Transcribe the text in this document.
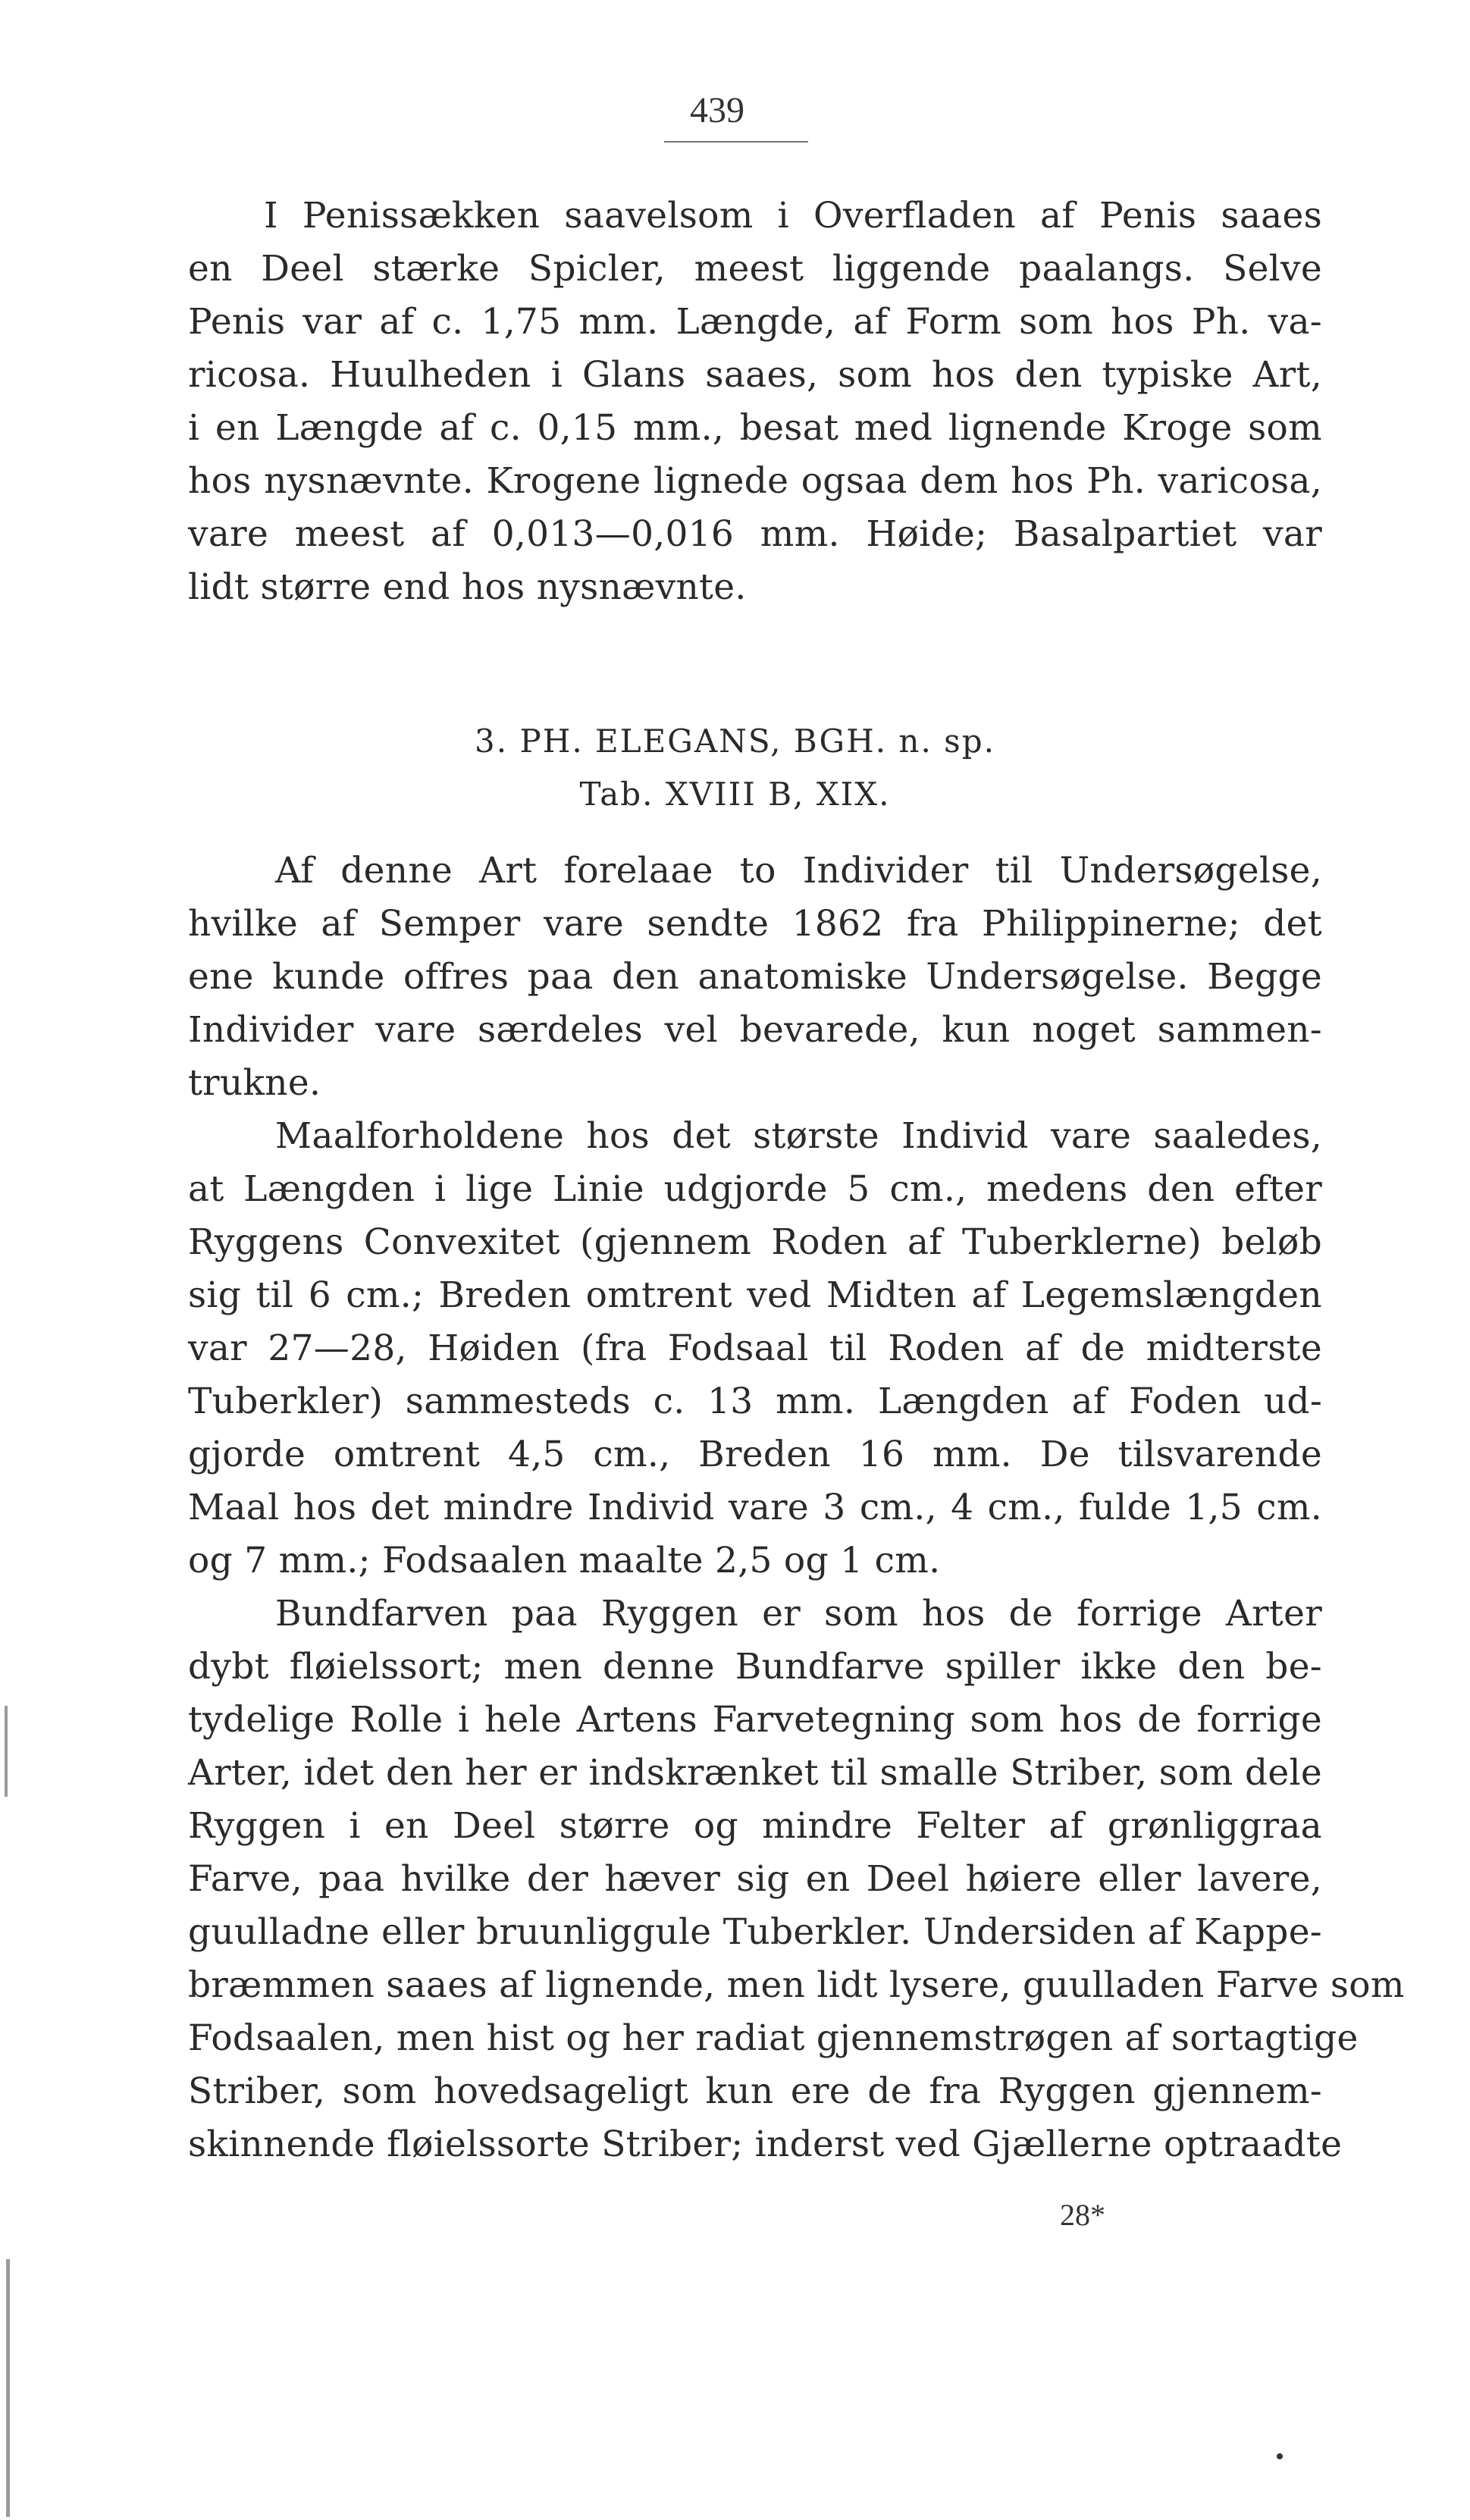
439
I Penissækken saavelsom i Overfladen af Penis saaes
en Deel stærke Spicler, meest liggende paalangs. Selve
Penis var af c. 1,75 mm. Længde, af Form som hos Ph. va-
ricosa. Huulheden i Glans saaes, som hos den typiske Art,
i en Længde af c. 0,15 mm., besat med lignende Kroge som
hos nysnævnte. Krogene lignede ogsaa dem hos Ph. varicosa,
vare meest af 0,013—0,016 mm. Høide; Basalpartiet var
lidt større end hos nysnævnte.
3. PH. ELEGANS, BGH. n. sp.
Tab. XVIII B, XIX.
Af denne Art forelaae to Individer til Undersøgelse,
hvilke af Semper vare sendte 1862 fra Philippinerne; det
ene kunde offres paa den anatomiske Undersøgelse. Begge
Individer vare særdeles vel bevarede, kun noget sammen-
trukne.
Maalforholdene hos det største Individ vare saaledes,
at Længden i lige Linie udgjorde 5 cm., medens den efter
Ryggens Convexitet (gjennem Roden af Tuberklerne) beløb
sig til 6 cm.; Breden omtrent ved Midten af Legemslængden
var 27—28, Høiden (fra Fodsaal til Roden af de midterste
Tuberkler) sammesteds c. 13 mm. Længden af Foden ud-
gjorde omtrent 4,5 cm., Breden 16 mm. De tilsvarende
Maal hos det mindre Individ vare 3 cm., 4 cm., fulde 1,5 cm.
og 7 mm.; Fodsaalen maalte 2,5 og 1 cm.
Bundfarven paa Ryggen er som hos de forrige Arter
dybt fløielssort; men denne Bundfarve spiller ikke den be-
tydelige Rolle i hele Artens Farvetegning som hos de forrige
Arter, idet den her er indskrænket til smalle Striber, som dele
Ryggen i en Deel større og mindre Felter af grønliggraa
Farve, paa hvilke der hæver sig en Deel høiere eller lavere,
guulladne eller bruunliggule Tuberkler. Undersiden af Kappe-
bræmmen saaes af lignende, men lidt lysere, guulladen Farve som
Fodsaalen, men hist og her radiat gjennemstrøgen af sortagtige
Striber, som hovedsageligt kun ere de fra Ryggen gjennem-
skinnende fløielssorte Striber; inderst ved Gjællerne optraadte
28*
